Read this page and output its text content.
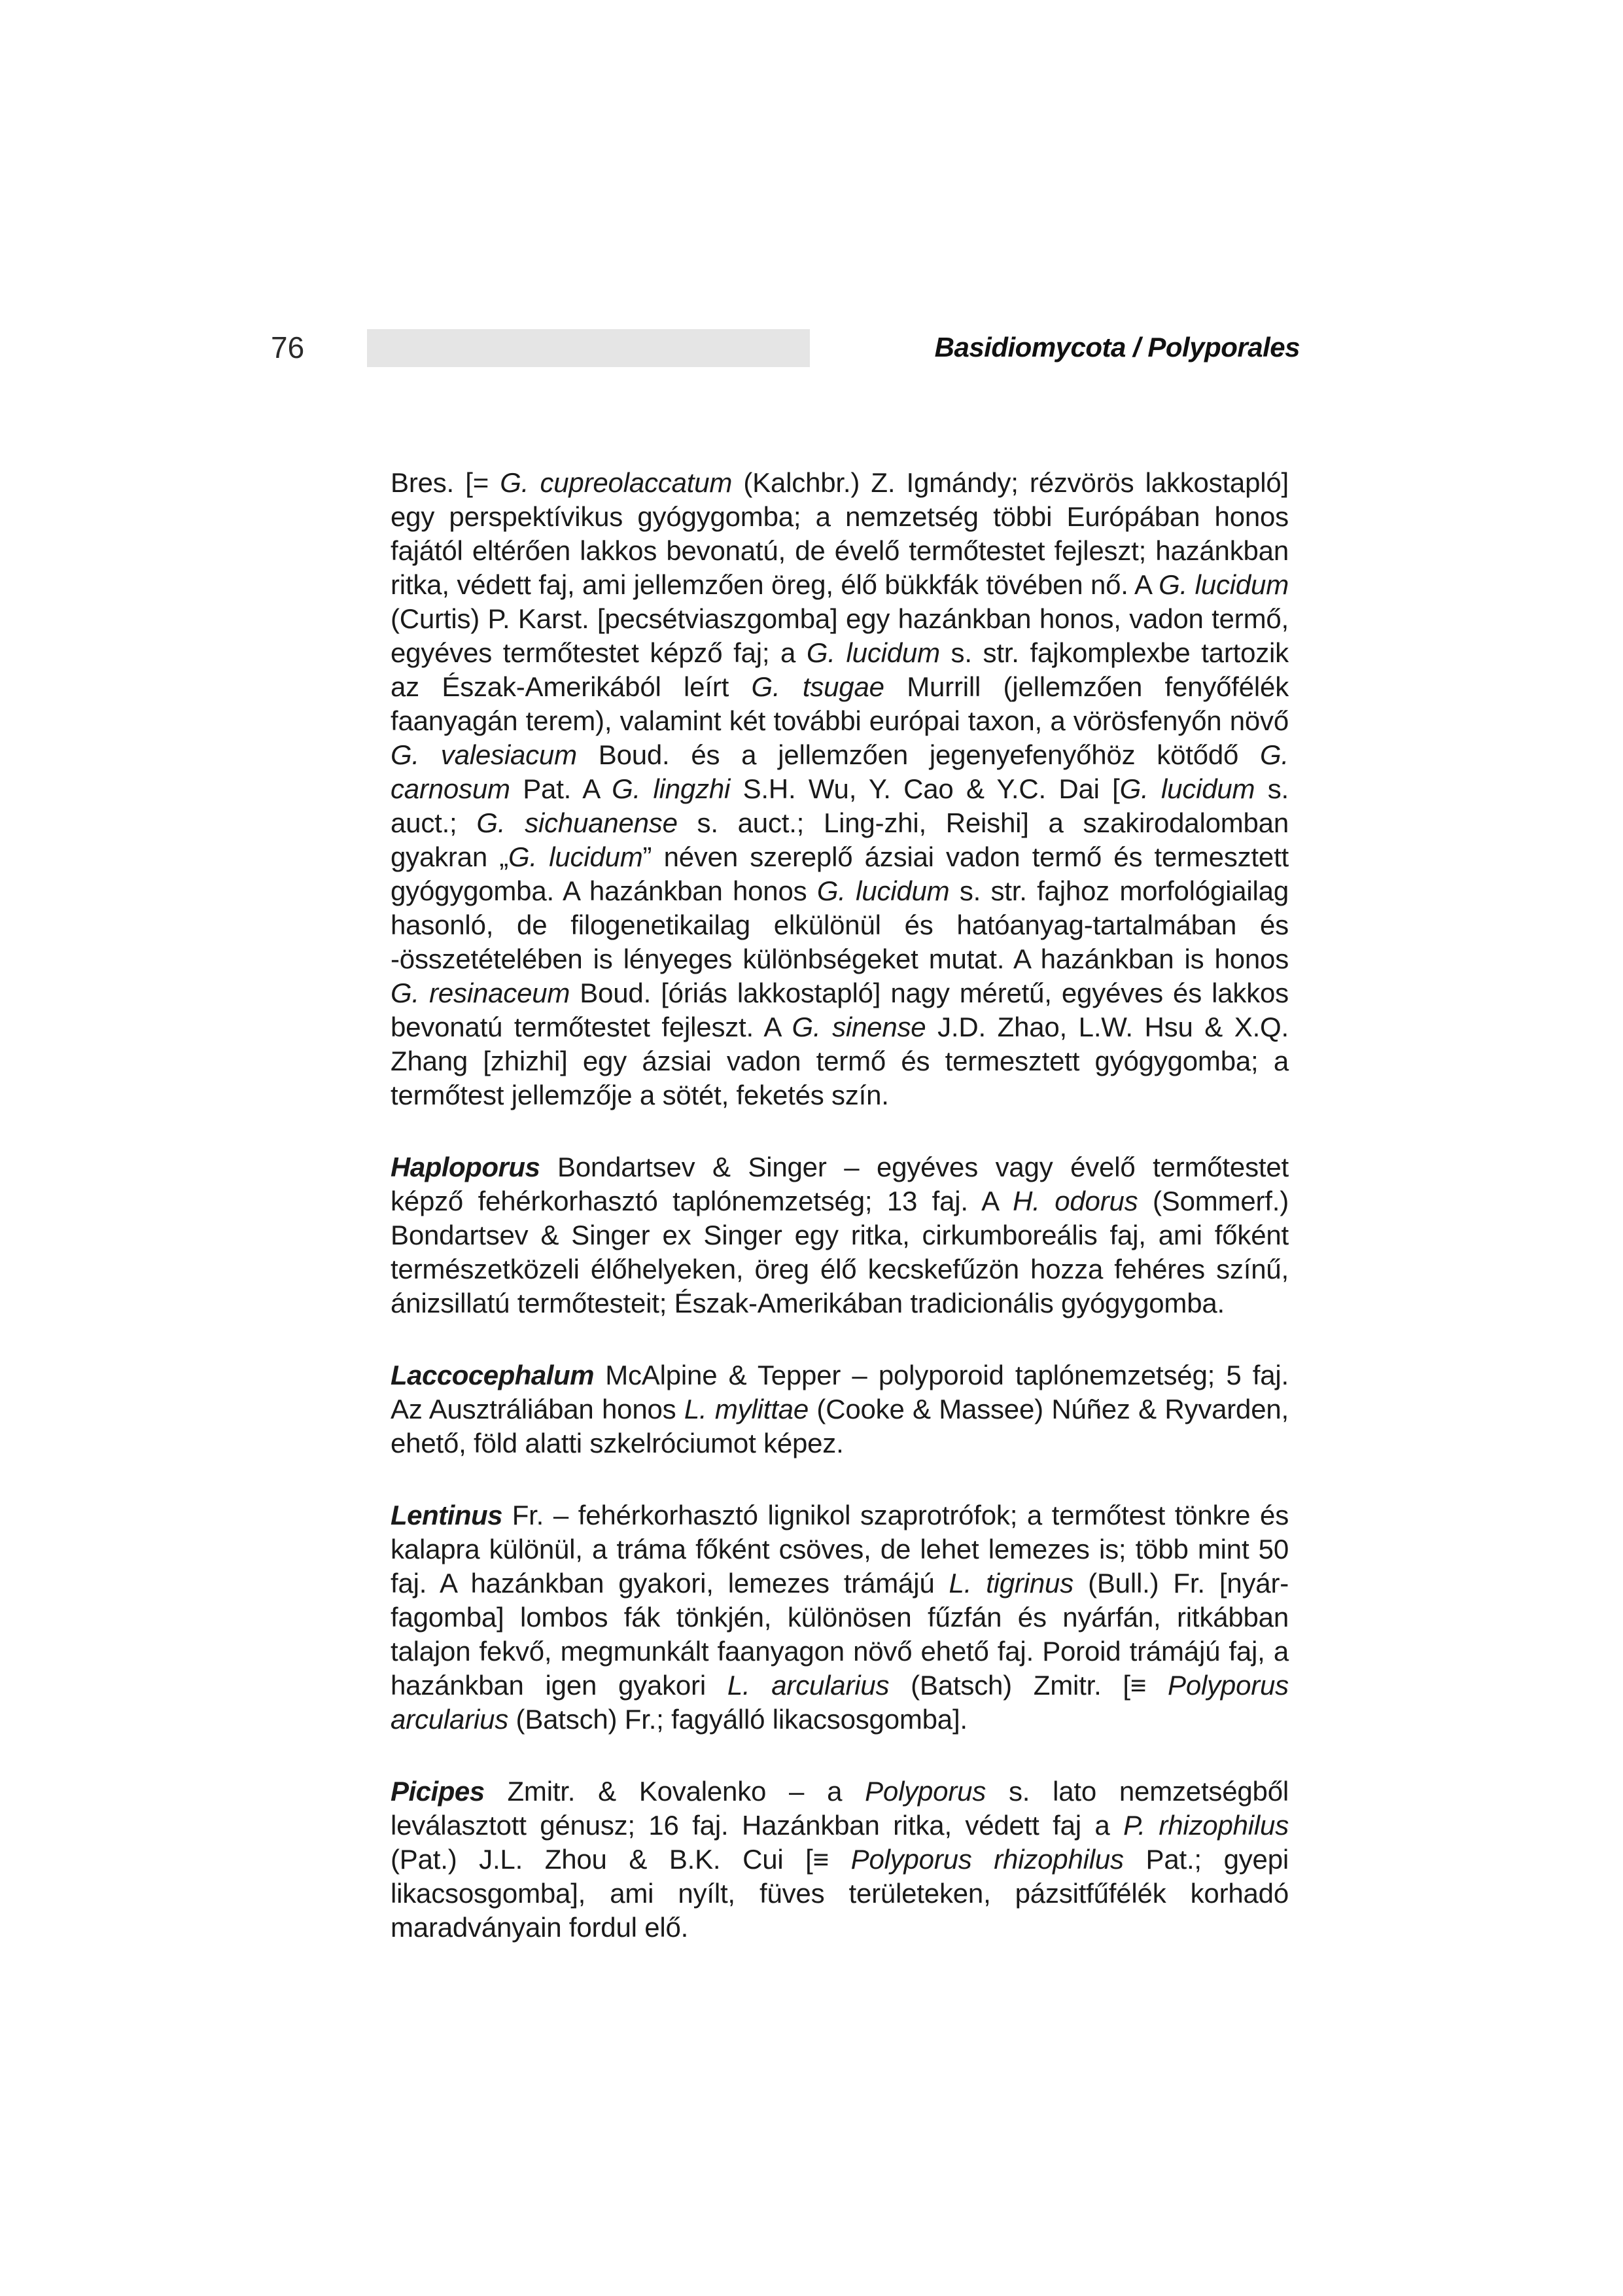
76	Basidiomycota / Polyporales

Bres. [= G. cupreolaccatum (Kalchbr.) Z. Igmándy; rézvörös lakkostapló] egy perspektívikus gyógygomba; a nemzetség többi Európában honos fajától eltérően lakkos bevonatú, de évelő termőtestet fejleszt; hazánkban ritka, védett faj, ami jellemzően öreg, élő bükkfák tövében nő. A G. lucidum (Curtis) P. Karst. [pecsétviaszgomba] egy hazánkban honos, vadon termő, egyéves termőtestet képző faj; a G. lucidum s. str. fajkomplexbe tartozik az Észak-Amerikából leírt G. tsugae Murrill (jellemzően fenyőfélék faanyagán terem), valamint két további európai taxon, a vörösfenyőn növő G. valesiacum Boud. és a jellemzően jegenyefenyőhöz kötődő G. carnosum Pat. A G. lingzhi S.H. Wu, Y. Cao & Y.C. Dai [G. lucidum s. auct.; G. sichuanense s. auct.; Ling-zhi, Reishi] a szakirodalomban gyakran „G. lucidum” néven szereplő ázsiai vadon termő és termesztett gyógygomba. A hazánkban honos G. lucidum s. str. fajhoz morfológiailag hasonló, de filogenetikailag elkülönül és hatóanyag-tartalmában és -összetételében is lényeges különbségeket mutat. A hazánkban is honos G. resinaceum Boud. [óriás lakkostapló] nagy méretű, egyéves és lakkos bevonatú termőtestet fejleszt. A G. sinense J.D. Zhao, L.W. Hsu & X.Q. Zhang [zhizhi] egy ázsiai vadon termő és termesztett gyógygomba; a termőtest jellemzője a sötét, feketés szín.

Haploporus Bondartsev & Singer – egyéves vagy évelő termőtestet képző fehérkorhasztó taplónemzetség; 13 faj. A H. odorus (Sommerf.) Bondartsev & Singer ex Singer egy ritka, cirkumboreális faj, ami főként természetközeli élőhelyeken, öreg élő kecskefűzön hozza fehéres színű, ánizsillatú termőtesteit; Észak-Amerikában tradicionális gyógygomba.

Laccocephalum McAlpine & Tepper – polyporoid taplónemzetség; 5 faj. Az Ausztráliában honos L. mylittae (Cooke & Massee) Núñez & Ryvarden, ehető, föld alatti szkelróciumot képez.

Lentinus Fr. – fehérkorhasztó lignikol szaprotrófok; a termőtest tönkre és kalapra különül, a tráma főként csöves, de lehet lemezes is; több mint 50 faj. A hazánkban gyakori, lemezes trámájú L. tigrinus (Bull.) Fr. [nyár-fagomba] lombos fák tönkjén, különösen fűzfán és nyárfán, ritkábban talajon fekvő, megmunkált faanyagon növő ehető faj. Poroid trámájú faj, a hazánkban igen gyakori L. arcularius (Batsch) Zmitr. [≡ Polyporus arcularius (Batsch) Fr.; fagyálló likacsosgomba].

Picipes Zmitr. & Kovalenko – a Polyporus s. lato nemzetségből leválasztott génusz; 16 faj. Hazánkban ritka, védett faj a P. rhizophilus (Pat.) J.L. Zhou & B.K. Cui [≡ Polyporus rhizophilus Pat.; gyepi likacsosgomba], ami nyílt, füves területeken, pázsitfűfélék korhadó maradványain fordul elő.
